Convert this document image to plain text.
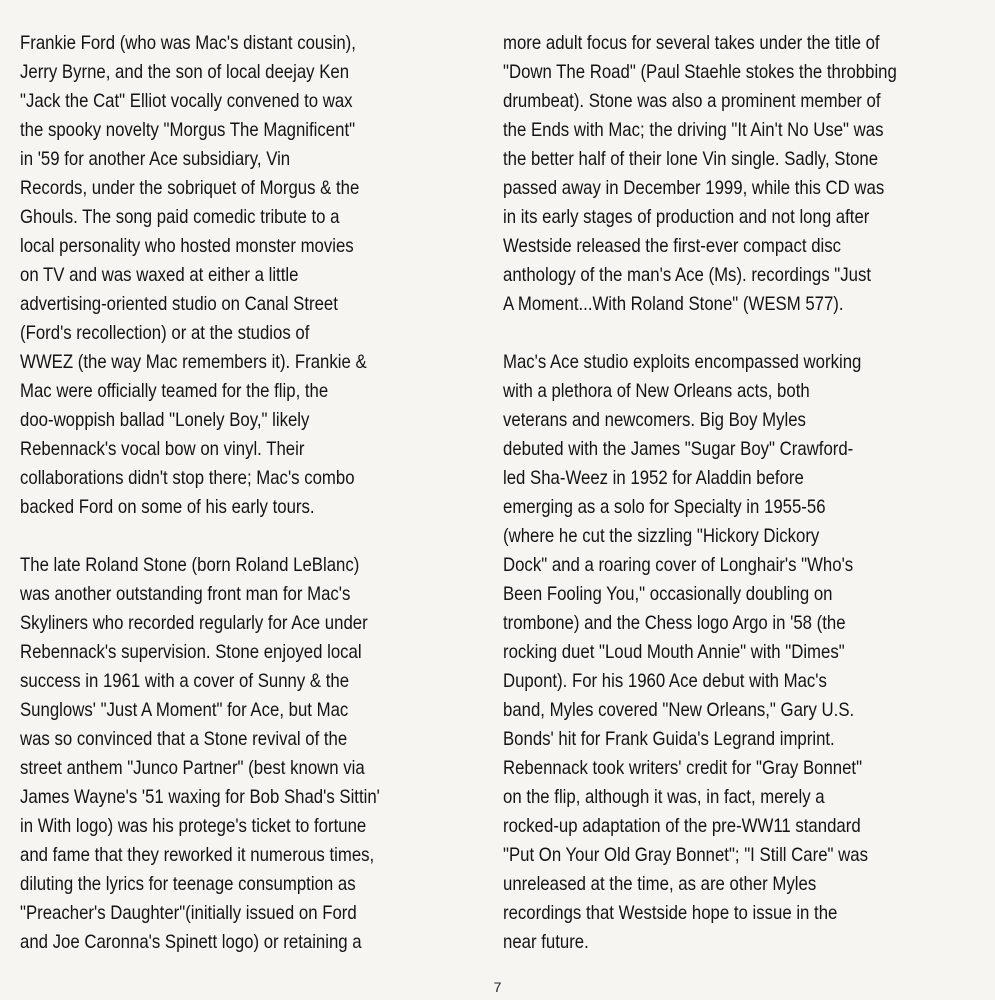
Frankie Ford (who was Mac's distant cousin),
Jerry Byrne, and the son of local deejay Ken
"Jack the Cat" Elliot vocally convened to wax
the spooky novelty "Morgus The Magnificent"
in '59 for another Ace subsidiary, Vin
Records, under the sobriquet of Morgus & the
Ghouls. The song paid comedic tribute to a
local personality who hosted monster movies
on TV and was waxed at either a little
advertising-oriented studio on Canal Street
(Ford's recollection) or at the studios of
WWEZ (the way Mac remembers it). Frankie &
Mac were officially teamed for the flip, the
doo-woppish ballad "Lonely Boy," likely
Rebennack's vocal bow on vinyl. Their
collaborations didn't stop there; Mac's combo
backed Ford on some of his early tours.
The late Roland Stone (born Roland LeBlanc)
was another outstanding front man for Mac's
Skyliners who recorded regularly for Ace under
Rebennack's supervision. Stone enjoyed local
success in 1961 with a cover of Sunny & the
Sunglows' "Just A Moment" for Ace, but Mac
was so convinced that a Stone revival of the
street anthem "Junco Partner" (best known via
James Wayne's '51 waxing for Bob Shad's Sittin'
in With logo) was his protege's ticket to fortune
and fame that they reworked it numerous times,
diluting the lyrics for teenage consumption as
"Preacher's Daughter"(initially issued on Ford
and Joe Caronna's Spinett logo) or retaining a
more adult focus for several takes under the title of
"Down The Road" (Paul Staehle stokes the throbbing
drumbeat). Stone was also a prominent member of
the Ends with Mac; the driving "It Ain't No Use" was
the better half of their lone Vin single. Sadly, Stone
passed away in December 1999, while this CD was
in its early stages of production and not long after
Westside released the first-ever compact disc
anthology of the man's Ace (Ms). recordings "Just
A Moment...With Roland Stone" (WESM 577).
Mac's Ace studio exploits encompassed working
with a plethora of New Orleans acts, both
veterans and newcomers. Big Boy Myles
debuted with the James "Sugar Boy" Crawford-
led Sha-Weez in 1952 for Aladdin before
emerging as a solo for Specialty in 1955-56
(where he cut the sizzling "Hickory Dickory
Dock" and a roaring cover of Longhair's "Who's
Been Fooling You," occasionally doubling on
trombone) and the Chess logo Argo in '58 (the
rocking duet "Loud Mouth Annie" with "Dimes"
Dupont). For his 1960 Ace debut with Mac's
band, Myles covered "New Orleans," Gary U.S.
Bonds' hit for Frank Guida's Legrand imprint.
Rebennack took writers' credit for "Gray Bonnet"
on the flip, although it was, in fact, merely a
rocked-up adaptation of the pre-WW11 standard
"Put On Your Old Gray Bonnet"; "I Still Care" was
unreleased at the time, as are other Myles
recordings that Westside hope to issue in the
near future.
7
